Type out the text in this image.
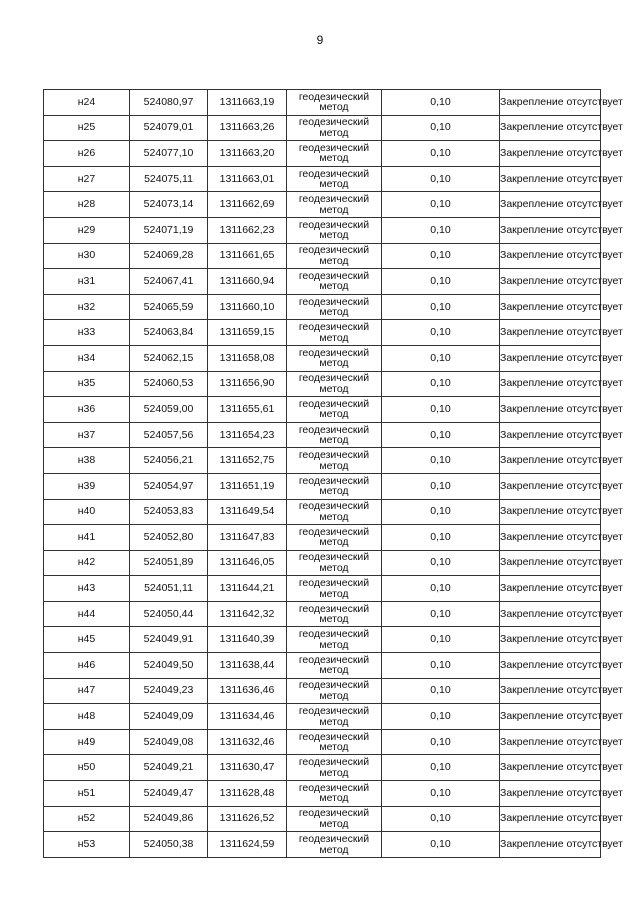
9
н24	524080,97	1311663,19	геодезический метод	0,10	Закрепление отсутствует
н25	524079,01	1311663,26	геодезический метод	0,10	Закрепление отсутствует
н26	524077,10	1311663,20	геодезический метод	0,10	Закрепление отсутствует
н27	524075,11	1311663,01	геодезический метод	0,10	Закрепление отсутствует
н28	524073,14	1311662,69	геодезический метод	0,10	Закрепление отсутствует
н29	524071,19	1311662,23	геодезический метод	0,10	Закрепление отсутствует
н30	524069,28	1311661,65	геодезический метод	0,10	Закрепление отсутствует
н31	524067,41	1311660,94	геодезический метод	0,10	Закрепление отсутствует
н32	524065,59	1311660,10	геодезический метод	0,10	Закрепление отсутствует
н33	524063,84	1311659,15	геодезический метод	0,10	Закрепление отсутствует
н34	524062,15	1311658,08	геодезический метод	0,10	Закрепление отсутствует
н35	524060,53	1311656,90	геодезический метод	0,10	Закрепление отсутствует
н36	524059,00	1311655,61	геодезический метод	0,10	Закрепление отсутствует
н37	524057,56	1311654,23	геодезический метод	0,10	Закрепление отсутствует
н38	524056,21	1311652,75	геодезический метод	0,10	Закрепление отсутствует
н39	524054,97	1311651,19	геодезический метод	0,10	Закрепление отсутствует
н40	524053,83	1311649,54	геодезический метод	0,10	Закрепление отсутствует
н41	524052,80	1311647,83	геодезический метод	0,10	Закрепление отсутствует
н42	524051,89	1311646,05	геодезический метод	0,10	Закрепление отсутствует
н43	524051,11	1311644,21	геодезический метод	0,10	Закрепление отсутствует
н44	524050,44	1311642,32	геодезический метод	0,10	Закрепление отсутствует
н45	524049,91	1311640,39	геодезический метод	0,10	Закрепление отсутствует
н46	524049,50	1311638,44	геодезический метод	0,10	Закрепление отсутствует
н47	524049,23	1311636,46	геодезический метод	0,10	Закрепление отсутствует
н48	524049,09	1311634,46	геодезический метод	0,10	Закрепление отсутствует
н49	524049,08	1311632,46	геодезический метод	0,10	Закрепление отсутствует
н50	524049,21	1311630,47	геодезический метод	0,10	Закрепление отсутствует
н51	524049,47	1311628,48	геодезический метод	0,10	Закрепление отсутствует
н52	524049,86	1311626,52	геодезический метод	0,10	Закрепление отсутствует
н53	524050,38	1311624,59	геодезический метод	0,10	Закрепление отсутствует
